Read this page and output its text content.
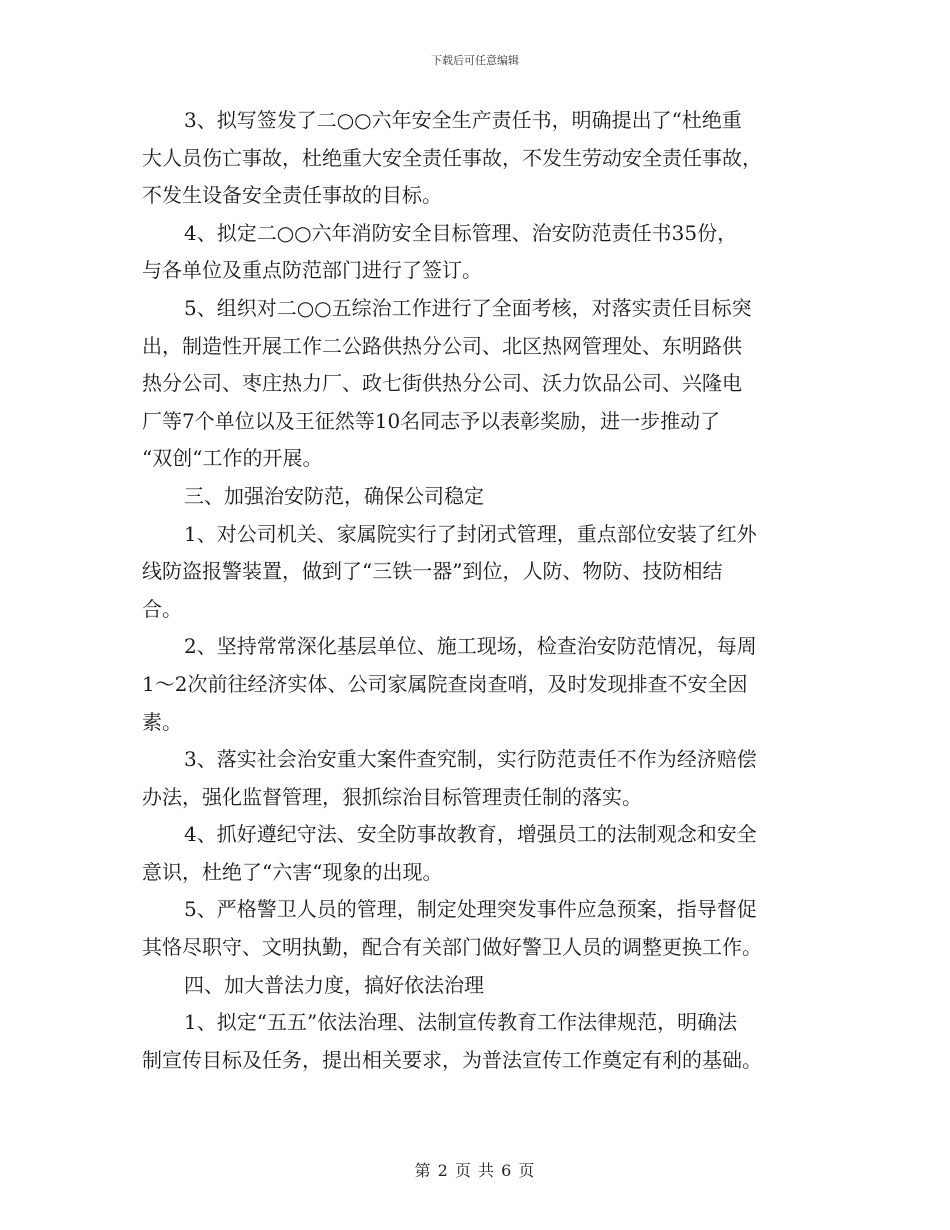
下载后可任意编辑
3、拟写签发了二○○六年安全生产责任书，明确提出了“杜绝重
大人员伤亡事故，杜绝重大安全责任事故，不发生劳动安全责任事故，
不发生设备安全责任事故的目标。
4、拟定二○○六年消防安全目标管理、治安防范责任书35份，
与各单位及重点防范部门进行了签订。
5、组织对二○○五综治工作进行了全面考核，对落实责任目标突
出，制造性开展工作二公路供热分公司、北区热网管理处、东明路供
热分公司、枣庄热力厂、政七街供热分公司、沃力饮品公司、兴隆电
厂等7个单位以及王征然等10名同志予以表彰奖励，进一步推动了
“双创“工作的开展。
三、加强治安防范，确保公司稳定
1、对公司机关、家属院实行了封闭式管理，重点部位安装了红外
线防盗报警装置，做到了“三铁一器”到位，人防、物防、技防相结
合。
2、坚持常常深化基层单位、施工现场，检查治安防范情况，每周
1～2次前往经济实体、公司家属院查岗查哨，及时发现排查不安全因
素。
3、落实社会治安重大案件查究制，实行防范责任不作为经济赔偿
办法，强化监督管理，狠抓综治目标管理责任制的落实。
4、抓好遵纪守法、安全防事故教育，增强员工的法制观念和安全
意识，杜绝了“六害“现象的出现。
5、严格警卫人员的管理，制定处理突发事件应急预案，指导督促
其恪尽职守、文明执勤，配合有关部门做好警卫人员的调整更换工作。
四、加大普法力度，搞好依法治理
1、拟定“五五”依法治理、法制宣传教育工作法律规范，明确法
制宣传目标及任务，提出相关要求，为普法宣传工作奠定有利的基础。
第 2 页 共 6 页
